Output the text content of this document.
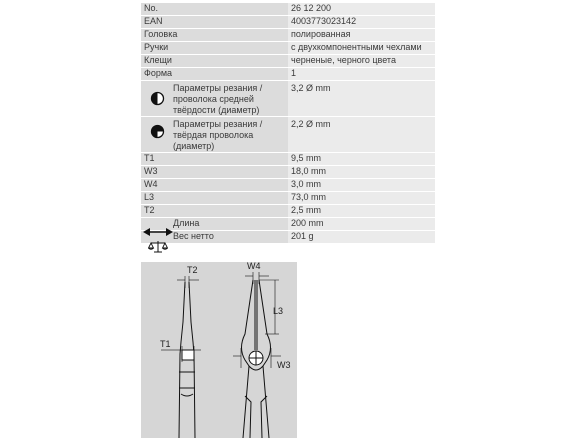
No.	26 12 200
EAN	4003773023142
Головка	полированная
Ручки	с двухкомпонентными чехлами
Клещи	черненые, черного цвета
Форма	1
Параметры резания /проволока средней твёрдости (диаметр)	3,2 Ø mm
Параметры резания / твёрдая проволока (диаметр)	2,2 Ø mm
T1	9,5 mm
W3	18,0 mm
W4	3,0 mm
L3	73,0 mm
T2	2,5 mm
Длина	200 mm
Вес нетто	201 g
T2	W4
L3
T1
W3
